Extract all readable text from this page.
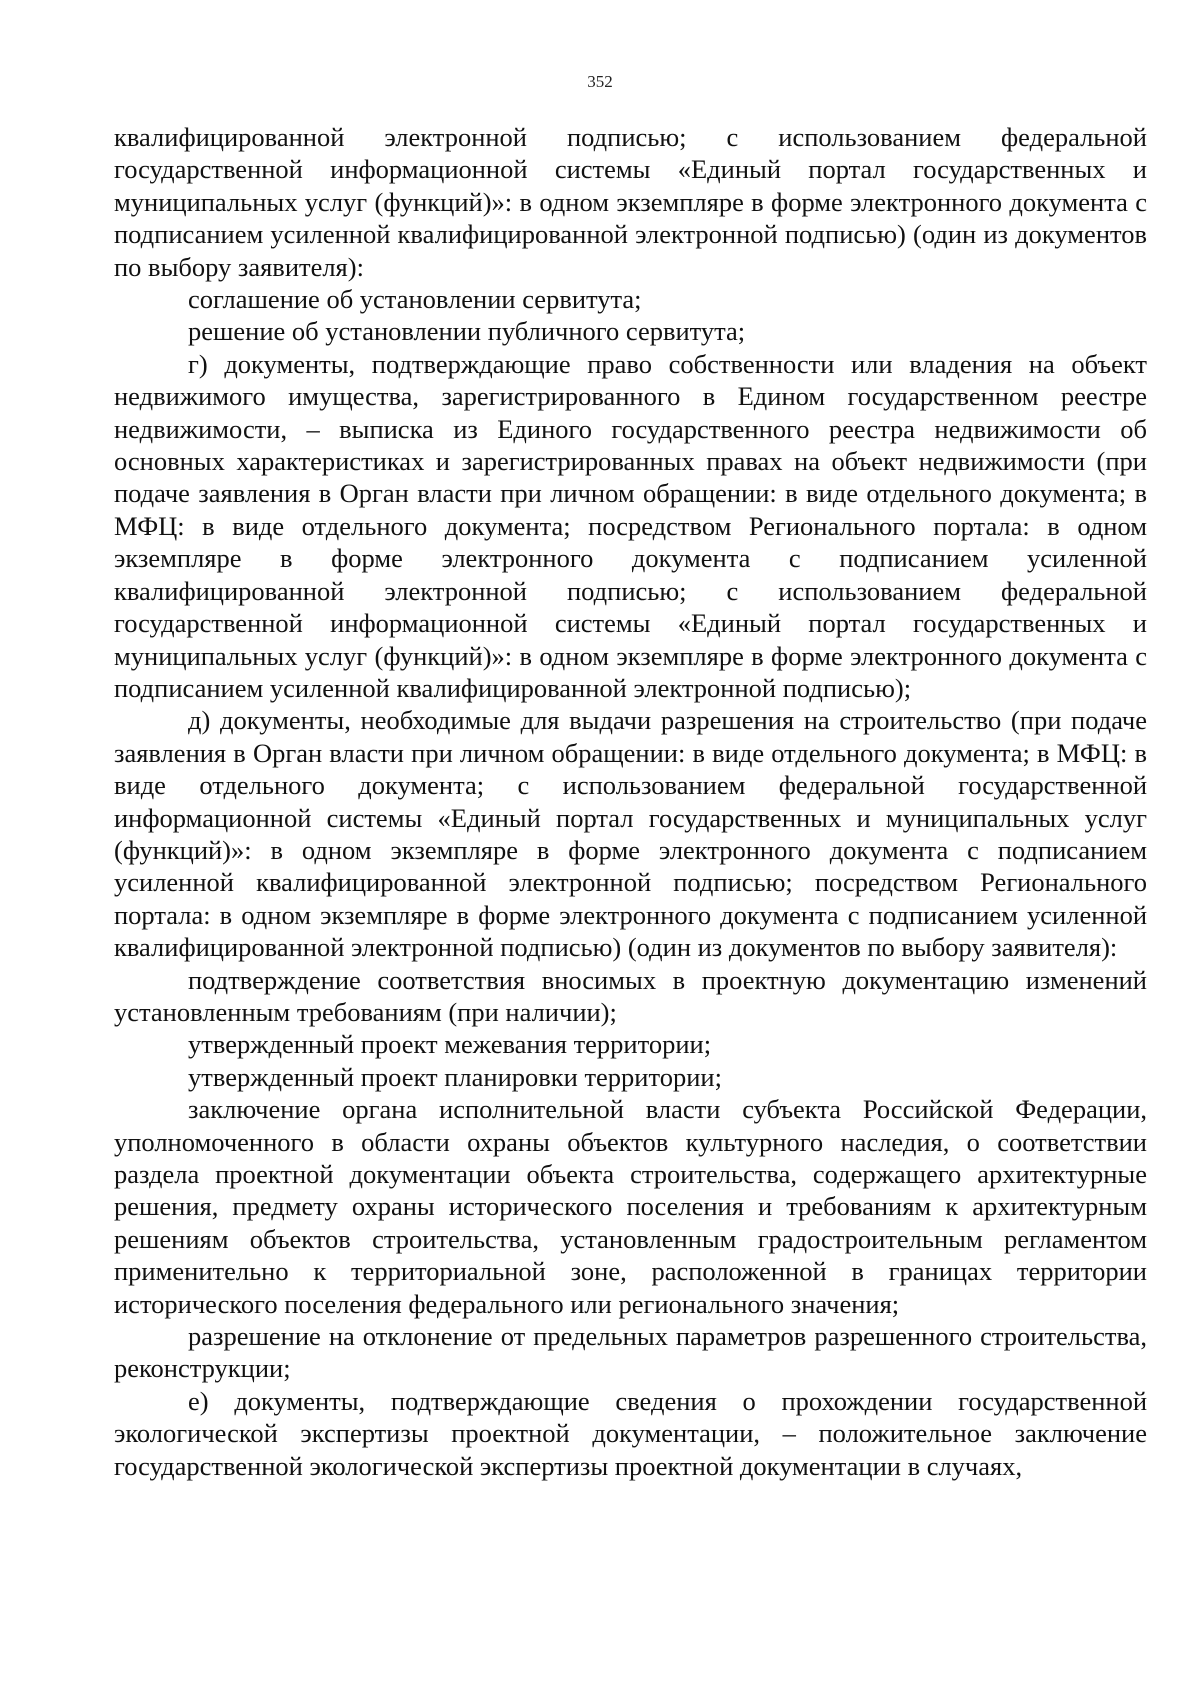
352

квалифицированной электронной подписью; с использованием федеральной государственной информационной системы «Единый портал государственных и муниципальных услуг (функций)»: в одном экземпляре в форме электронного документа с подписанием усиленной квалифицированной электронной подписью) (один из документов по выбору заявителя):

соглашение об установлении сервитута;

решение об установлении публичного сервитута;

г) документы, подтверждающие право собственности или владения на объект недвижимого имущества, зарегистрированного в Едином государственном реестре недвижимости, – выписка из Единого государственного реестра недвижимости об основных характеристиках и зарегистрированных правах на объект недвижимости (при подаче заявления в Орган власти при личном обращении: в виде отдельного документа; в МФЦ: в виде отдельного документа; посредством Регионального портала: в одном экземпляре в форме электронного документа с подписанием усиленной квалифицированной электронной подписью; с использованием федеральной государственной информационной системы «Единый портал государственных и муниципальных услуг (функций)»: в одном экземпляре в форме электронного документа с подписанием усиленной квалифицированной электронной подписью);

д) документы, необходимые для выдачи разрешения на строительство (при подаче заявления в Орган власти при личном обращении: в виде отдельного документа; в МФЦ: в виде отдельного документа; с использованием федеральной государственной информационной системы «Единый портал государственных и муниципальных услуг (функций)»: в одном экземпляре в форме электронного документа с подписанием усиленной квалифицированной электронной подписью; посредством Регионального портала: в одном экземпляре в форме электронного документа с подписанием усиленной квалифицированной электронной подписью) (один из документов по выбору заявителя):

подтверждение соответствия вносимых в проектную документацию изменений установленным требованиям (при наличии);

утвержденный проект межевания территории;

утвержденный проект планировки территории;

заключение органа исполнительной власти субъекта Российской Федерации, уполномоченного в области охраны объектов культурного наследия, о соответствии раздела проектной документации объекта строительства, содержащего архитектурные решения, предмету охраны исторического поселения и требованиям к архитектурным решениям объектов строительства, установленным градостроительным регламентом применительно к территориальной зоне, расположенной в границах территории исторического поселения федерального или регионального значения;

разрешение на отклонение от предельных параметров разрешенного строительства, реконструкции;

е) документы, подтверждающие сведения о прохождении государственной экологической экспертизы проектной документации, – положительное заключение государственной экологической экспертизы проектной документации в случаях,
